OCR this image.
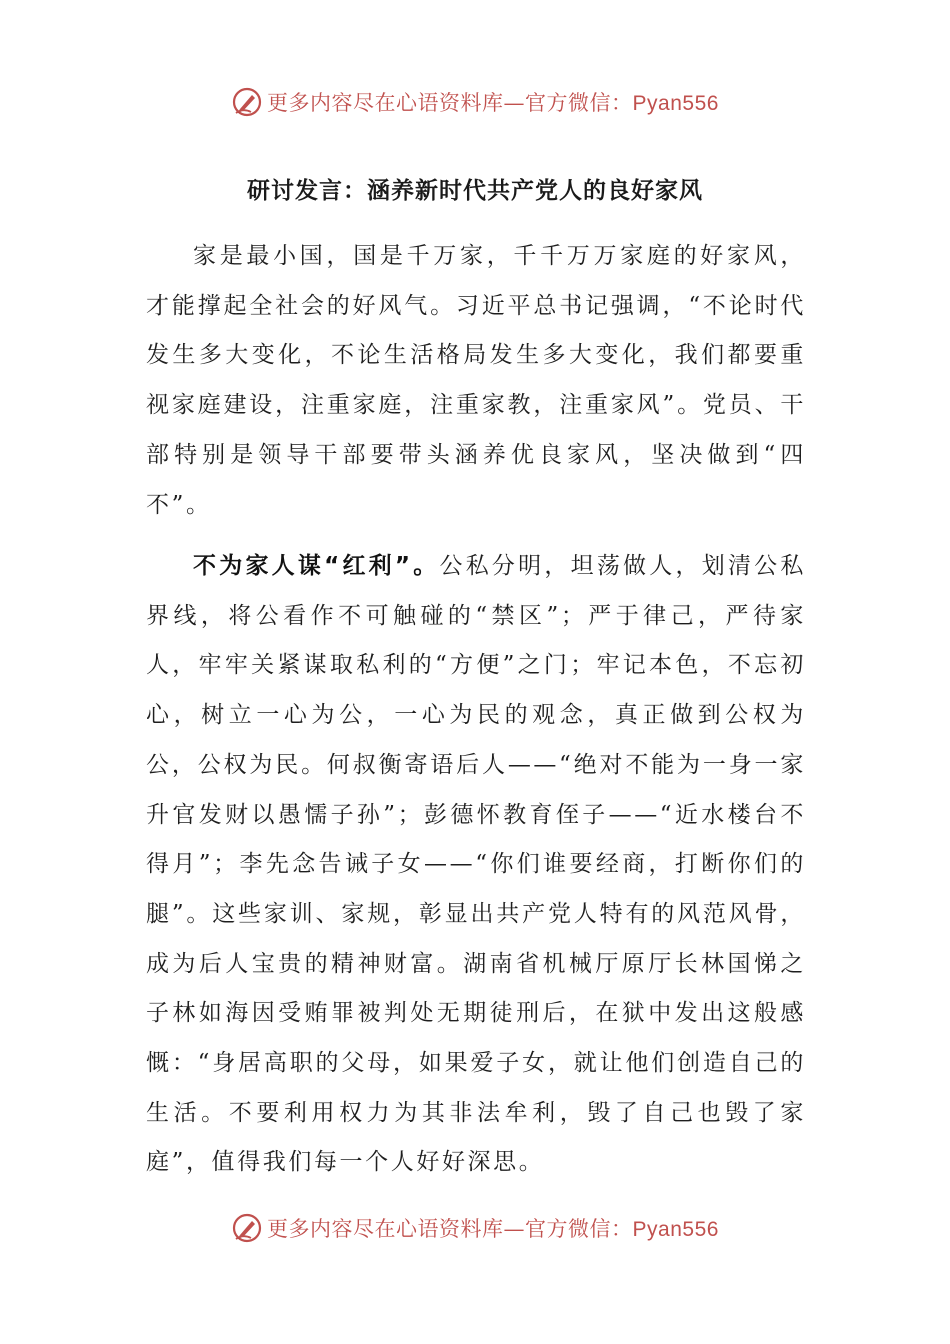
更多内容尽在心语资料库—官方微信：Pyan556
研讨发言：涵养新时代共产党人的良好家风
家是最小国，国是千万家，千千万万家庭的好家风，才能撑起全社会的好风气。习近平总书记强调，“不论时代发生多大变化，不论生活格局发生多大变化，我们都要重视家庭建设，注重家庭，注重家教，注重家风”。党员、干部特别是领导干部要带头涵养优良家风，坚决做到“四不”。
不为家人谋“红利”。公私分明，坦荡做人，划清公私界线，将公看作不可触碰的“禁区”；严于律己，严待家人，牢牢关紧谋取私利的“方便”之门；牢记本色，不忘初心，树立一心为公，一心为民的观念，真正做到公权为公，公权为民。何叔衡寄语后人——“绝对不能为一身一家升官发财以愚懦子孙”；彭德怀教育侄子——“近水楼台不得月”；李先念告诫子女——“你们谁要经商，打断你们的腿”。这些家训、家规，彰显出共产党人特有的风范风骨，成为后人宝贵的精神财富。湖南省机械厅原厅长林国悌之子林如海因受贿罪被判处无期徒刑后，在狱中发出这般感慨：“身居高职的父母，如果爱子女，就让他们创造自己的生活。不要利用权力为其非法牟利，毁了自己也毁了家庭”，值得我们每一个人好好深思。
更多内容尽在心语资料库—官方微信：Pyan556
